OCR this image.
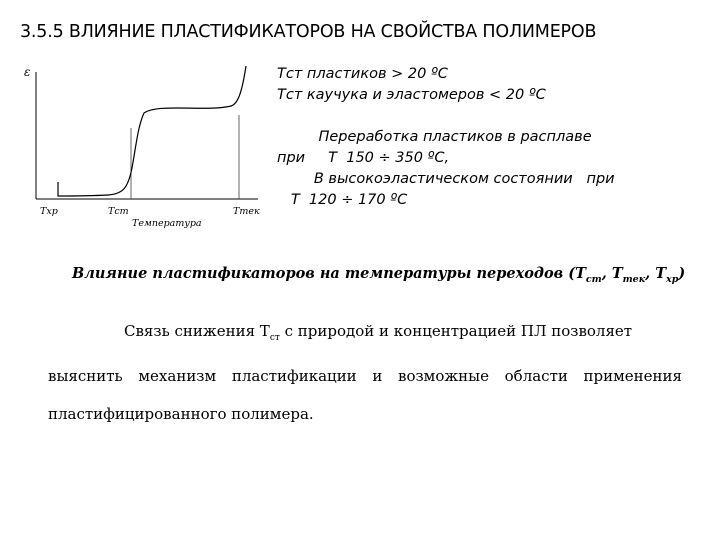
3.5.5 ВЛИЯНИЕ ПЛАСТИФИКАТОРОВ НА СВОЙСТВА ПОЛИМЕРОВ
ε
Тхр	Тст	Ттек
Температура
Тст пластиков > 20 ºС
Тст каучука и эластомеров < 20 ºС

Переработка пластиков в расплаве
при     Т  150 ÷ 350 ºС,
В высокоэластическом состоянии   при
Т  120 ÷ 170 ºС
Влияние пластификаторов на температуры переходов ($Т_{ст}$, $Т_{тек}$, $Т_{хр}$)
Связь снижения $Т_{ст}$ с природой и концентрацией ПЛ позволяет
выяснить механизм пластификации и возможные области применения
пластифицированного полимера.
